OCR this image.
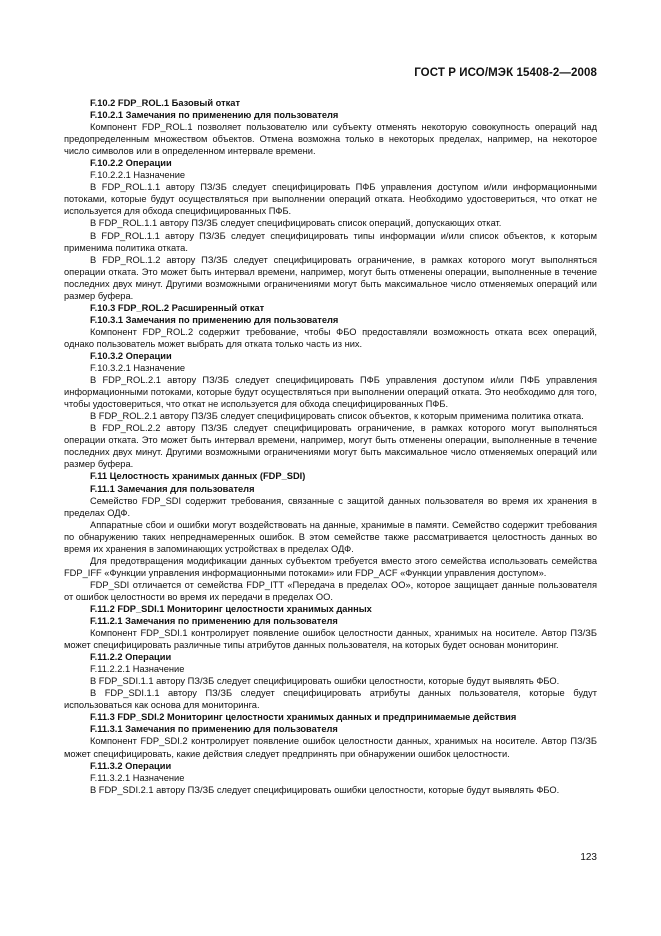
ГОСТ Р ИСО/МЭК 15408-2—2008

F.10.2 FDP_ROL.1 Базовый откат

F.10.2.1 Замечания по применению для пользователя

Компонент FDP_ROL.1 позволяет пользователю или субъекту отменять некоторую совокупность операций над предопределенным множеством объектов. Отмена возможна только в некоторых пределах, например, на некоторое число символов или в определенном интервале времени.

F.10.2.2 Операции

F.10.2.2.1 Назначение

В FDP_ROL.1.1 автору ПЗ/ЗБ следует специфицировать ПФБ управления доступом и/или информационными потоками, которые будут осуществляться при выполнении операций отката. Необходимо удостовериться, что откат не используется для обхода специфицированных ПФБ.

В FDP_ROL.1.1 автору ПЗ/ЗБ следует специфицировать список операций, допускающих откат.

В FDP_ROL.1.1 автору ПЗ/ЗБ следует специфицировать типы информации и/или список объектов, к которым применима политика отката.

В FDP_ROL.1.2 автору ПЗ/ЗБ следует специфицировать ограничение, в рамках которого могут выполняться операции отката. Это может быть интервал времени, например, могут быть отменены операции, выполненные в течение последних двух минут. Другими возможными ограничениями могут быть максимальное число отменяемых операций или размер буфера.

F.10.3 FDP_ROL.2 Расширенный откат

F.10.3.1 Замечания по применению для пользователя

Компонент FDP_ROL.2 содержит требование, чтобы ФБО предоставляли возможность отката всех операций, однако пользователь может выбрать для отката только часть из них.

F.10.3.2 Операции

F.10.3.2.1 Назначение

В FDP_ROL.2.1 автору ПЗ/ЗБ следует специфицировать ПФБ управления доступом и/или ПФБ управления информационными потоками, которые будут осуществляться при выполнении операций отката. Это необходимо для того, чтобы удостовериться, что откат не используется для обхода специфицированных ПФБ.

В FDP_ROL.2.1 автору ПЗ/ЗБ следует специфицировать список объектов, к которым применима политика отката.

В FDP_ROL.2.2 автору ПЗ/ЗБ следует специфицировать ограничение, в рамках которого могут выполняться операции отката. Это может быть интервал времени, например, могут быть отменены операции, выполненные в течение последних двух минут. Другими возможными ограничениями могут быть максимальное число отменяемых операций или размер буфера.

F.11 Целостность хранимых данных (FDP_SDI)

F.11.1 Замечания для пользователя

Семейство FDP_SDI содержит требования, связанные с защитой данных пользователя во время их хранения в пределах ОДФ.

Аппаратные сбои и ошибки могут воздействовать на данные, хранимые в памяти. Семейство содержит требования по обнаружению таких непреднамеренных ошибок. В этом семействе также рассматривается целостность данных во время их хранения в запоминающих устройствах в пределах ОДФ.

Для предотвращения модификации данных субъектом требуется вместо этого семейства использовать семейства FDP_IFF «Функции управления информационными потоками» или FDP_ACF «Функции управления доступом».

FDP_SDI отличается от семейства FDP_ITT «Передача в пределах ОО», которое защищает данные пользователя от ошибок целостности во время их передачи в пределах ОО.

F.11.2 FDP_SDI.1 Мониторинг целостности хранимых данных

F.11.2.1 Замечания по применению для пользователя

Компонент FDP_SDI.1 контролирует появление ошибок целостности данных, хранимых на носителе. Автор ПЗ/ЗБ может специфицировать различные типы атрибутов данных пользователя, на которых будет основан мониторинг.

F.11.2.2 Операции

F.11.2.2.1 Назначение

В FDP_SDI.1.1 автору ПЗ/ЗБ следует специфицировать ошибки целостности, которые будут выявлять ФБО.

В FDP_SDI.1.1 автору ПЗ/ЗБ следует специфицировать атрибуты данных пользователя, которые будут использоваться как основа для мониторинга.

F.11.3 FDP_SDI.2 Мониторинг целостности хранимых данных и предпринимаемые действия

F.11.3.1 Замечания по применению для пользователя

Компонент FDP_SDI.2 контролирует появление ошибок целостности данных, хранимых на носителе. Автор ПЗ/ЗБ может специфицировать, какие действия следует предпринять при обнаружении ошибок целостности.

F.11.3.2 Операции

F.11.3.2.1 Назначение

В FDP_SDI.2.1 автору ПЗ/ЗБ следует специфицировать ошибки целостности, которые будут выявлять ФБО.

123
